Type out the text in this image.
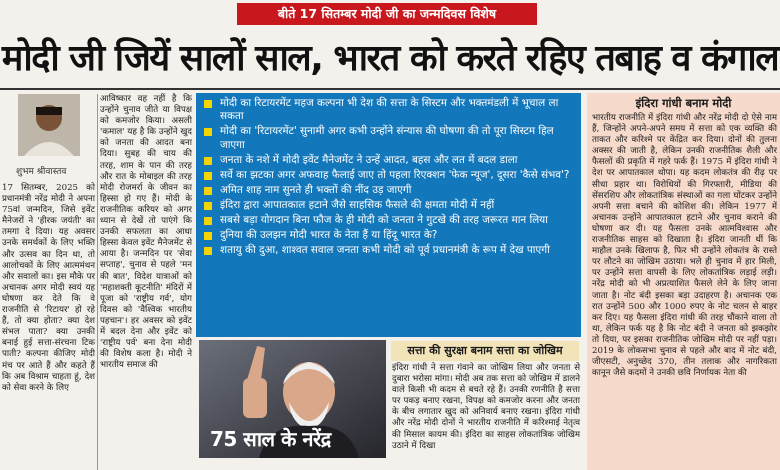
बीते 17 सितम्बर मोदी जी का जन्मदिवस विशेष
मोदी जी जियें सालों साल, भारत को करते रहिए तबाह व कंगाल
शुभम श्रीवास्तव
17 सितम्बर, 2025 को प्रधानमंत्री नरेंद्र मोदी ने अपना 75वां जन्मदिन, जिसे इवेंट मैनेजरों ने 'हीरक जयंती' का तमगा दे दिया। यह अवसर उनके समर्थकों के लिए भक्ति और उत्सव का दिन था, तो आलोचकों के लिए आत्ममंथन और सवालों का। इस मौके पर अचानक अगर मोदी स्वयं यह घोषणा कर देते कि वे राजनीति से 'रिटायर' हो रहे हैं, तो क्या होता? क्या देश संभल पाता? क्या उनकी बनाई हुई सत्ता-संरचना टिक पाती? कल्पना कीजिए मोदी मंच पर आते हैं और कहते हैं कि अब विश्राम चाहता हूं, देश को सेवा करने के लिए
आविष्कार वह नहीं है कि उन्होंने चुनाव जीते या विपक्ष को कमजोर किया। असली 'कमाल' यह है कि उन्होंने खुद को जनता की आदत बना दिया। सुबह की चाय की तरह, शाम के पान की तरह और रात के मोबाइल की तरह मोदी रोजमर्रा के जीवन का हिस्सा हो गए हैं। मोदी के राजनीतिक करियर को अगर ध्यान से देखें तो पाएंगे कि उनकी सफलता का आधा हिस्सा केवल इवेंट मैनेजमेंट से आया है। जन्मदिन पर 'सेवा सप्ताह', चुनाव से पहले 'मन की बात', विदेश यात्राओं को 'महाशक्ती कूटनीति' मंदिरों में पूजा को 'राष्ट्रीय गर्व', योग दिवस को 'वैश्विक भारतीय पहचान'। हर अवसर को इवेंट में बदल देना और इवेंट को 'राष्ट्रीय पर्व' बना देना मोदी की विशेष कला है। मोदी ने भारतीय समाज की
मोदी का रिटायरमेंट महज कल्पना भी देश की सत्ता के सिस्टम और भक्तमंडली में भूचाल ला सकता
मोदी का 'रिटायरमेंट' सुनामी अगर कभी उन्होंने संन्यास की घोषणा की तो पूरा सिस्टम हिल जाएगा
जनता के नशे में मोदी इवेंट मैनेजमेंट ने उन्हें आदत, बहस और लत में बदल डाला
सर्वे का झटका अगर अफवाह फैलाई जाए तो पहला रिएक्शन 'फेक न्यूज', दूसरा 'कैसे संभव'?
अमित शाह नाम सुनते ही भक्तों की नींद उड़ जाएगी
इंदिरा द्वारा आपातकाल हटाने जैसे साहसिक फैसले की क्षमता मोदी में नहीं
सबसे बड़ा योगदान बिना फौज के ही मोदी को जनता ने गुटखे की तरह जरूरत मान लिया
दुनिया की उलझन मोदी भारत के नेता हैं या हिंदू भारत के?
शतायु की दुआ, शाश्वत सवाल जनता कभी मोदी को पूर्व प्रधानमंत्री के रूप में देख पाएगी
75 साल के नरेंद्र
सत्ता की सुरक्षा बनाम सत्ता का जोखिम
इंदिरा गांधी ने सत्ता गंवाने का जोखिम लिया और जनता से दुबारा भरोसा मांगा। मोदी अब तक सत्ता को जोखिम में डालने वाले किसी भी कदम से बचते रहे हैं। उनकी रणनीति है सत्ता पर पकड़ बनाए रखना, विपक्ष को कमजोर करना और जनता के बीच लगातार खुद को अनिवार्य बनाए रखना। इंदिरा गांधी और नरेंद्र मोदी दोनों ने भारतीय राजनीति में करिश्माई नेतृत्व की मिसाल कायम की। इंदिरा का साहस लोकतांत्रिक जोखिम उठाने में दिखा
इंदिरा गांधी बनाम मोदी
भारतीय राजनीति में इंदिरा गांधी और नरेंद्र मोदी दो ऐसे नाम हैं, जिन्होंने अपने-अपने समय में सत्ता को एक व्यक्ति की ताकत और करिश्मे पर केंद्रित कर दिया। दोनों की तुलना अक्सर की जाती है, लेकिन उनकी राजनीतिक शैली और फैसलों की प्रकृति में गहरे फर्क हैं। 1975 में इंदिरा गांधी ने देश पर आपातकाल थोपा। यह कदम लोकतंत्र की रीढ़ पर सीधा प्रहार था। विरोधियों की गिरफ्तारी, मीडिया की सेंसरशिप और लोकतांत्रिक संस्थाओं का गला घोंटकर उन्होंने अपनी सत्ता बचाने की कोशिश की। लेकिन 1977 में अचानक उन्होंने आपातकाल हटाने और चुनाव कराने की घोषणा कर दी। यह फैसला उनके आत्मविश्वास और राजनीतिक साहस को दिखाता है। इंदिरा जानती थीं कि माहौल उनके खिलाफ है, फिर भी उन्होंने लोकतंत्र के रास्ते पर लौटने का जोखिम उठाया। भले ही चुनाव में हार मिली, पर उन्होंने सत्ता वापसी के लिए लोकतांत्रिक लड़ाई लड़ी। नरेंद्र मोदी को भी अप्रत्याशित फैसले लेने के लिए जाना जाता है। नोट बंदी इसका बड़ा उदाहरण है। अचानक एक रात उन्होंने 500 और 1000 रुपए के नोट चलन से बाहर कर दिए। यह फैसला इंदिरा गांधी की तरह चौंकाने वाला तो था, लेकिन फर्क यह है कि नोट बंदी ने जनता को झकझोर तो दिया, पर इसका राजनीतिक जोखिम मोदी पर नहीं पड़ा। 2019 के लोकसभा चुनाव से पहले और बाद में नोट बंदी, जीएसटी, अनुच्छेद 370, तीन तलाक और नागरिकता कानून जैसे कदमों ने उनकी छवि निर्णायक नेता की
